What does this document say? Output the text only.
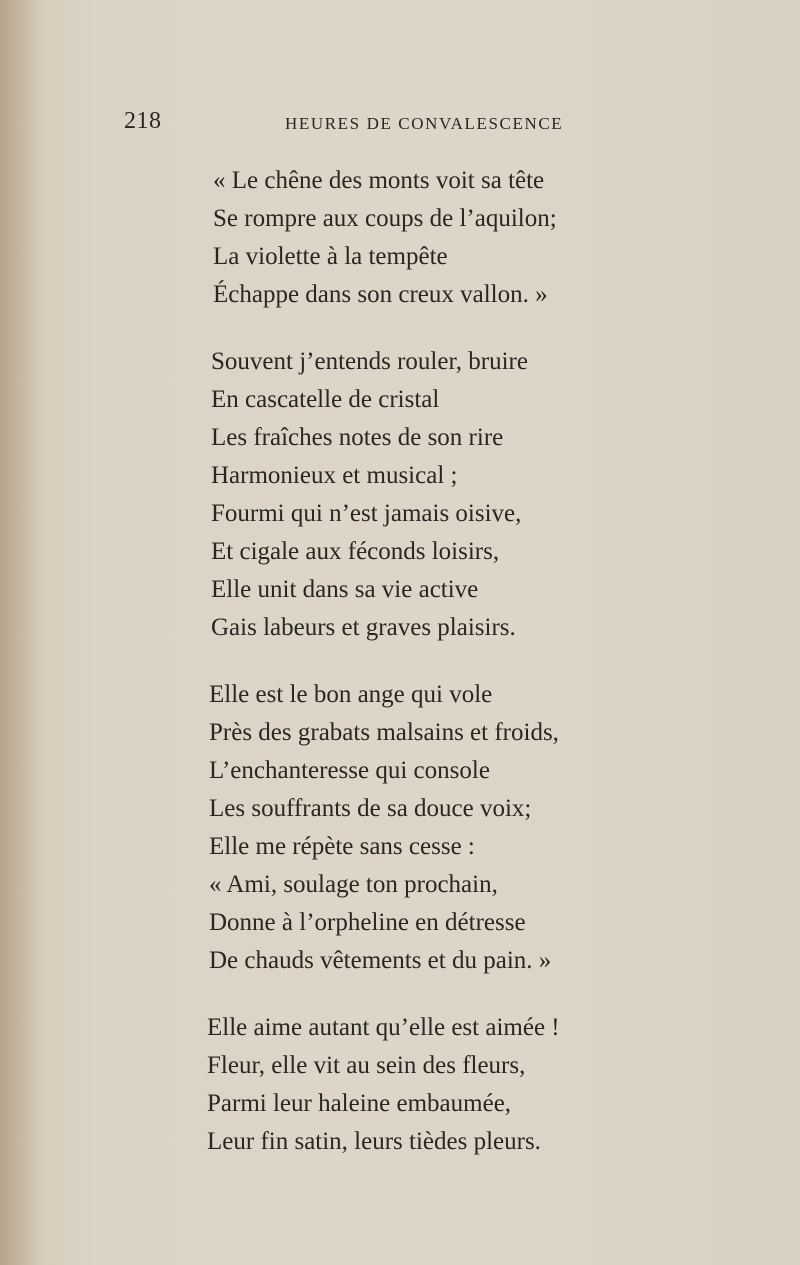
218	HEURES DE CONVALESCENCE
« Le chêne des monts voit sa tête
Se rompre aux coups de l’aquilon;
La violette à la tempête
Échappe dans son creux vallon. »
Souvent j’entends rouler, bruire
En cascatelle de cristal
Les fraîches notes de son rire
Harmonieux et musical ;
Fourmi qui n’est jamais oisive,
Et cigale aux féconds loisirs,
Elle unit dans sa vie active
Gais labeurs et graves plaisirs.
Elle est le bon ange qui vole
Près des grabats malsains et froids,
L’enchanteresse qui console
Les souffrants de sa douce voix;
Elle me répète sans cesse :
« Ami, soulage ton prochain,
Donne à l’orpheline en détresse
De chauds vêtements et du pain. »
Elle aime autant qu’elle est aimée !
Fleur, elle vit au sein des fleurs,
Parmi leur haleine embaumée,
Leur fin satin, leurs tièdes pleurs.
